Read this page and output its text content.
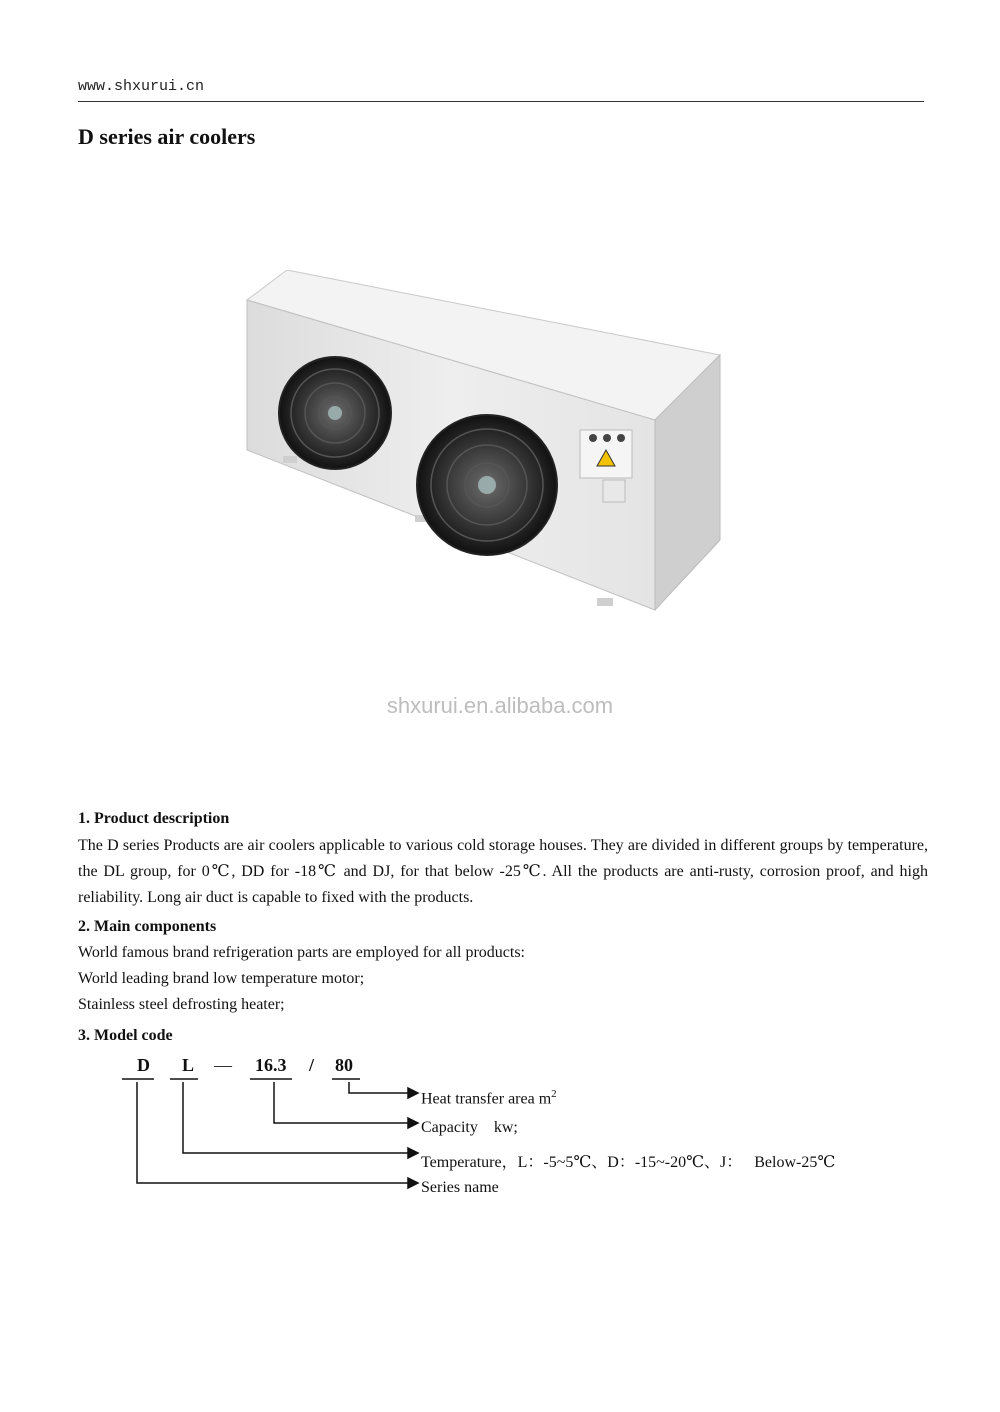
www.shxurui.cn
D series air coolers
shxurui.en.alibaba.com
1. Product description

The D series Products are air coolers applicable to various cold storage houses. They are divided in different groups by temperature, the DL group, for 0℃, DD for -18℃ and DJ, for that below -25℃. All the products are anti-rusty, corrosion proof, and high reliability. Long air duct is capable to fixed with the products.

2. Main components

World famous brand refrigeration parts are employed for all products:

World leading brand low temperature motor;

Stainless steel defrosting heater;

3. Model code
D L — 16.3 / 80
Heat transfer area $m^2$
Capacity    kw;
Temperature，L：-5~5℃、D：-15~-20℃、J：   Below-25℃
Series name
